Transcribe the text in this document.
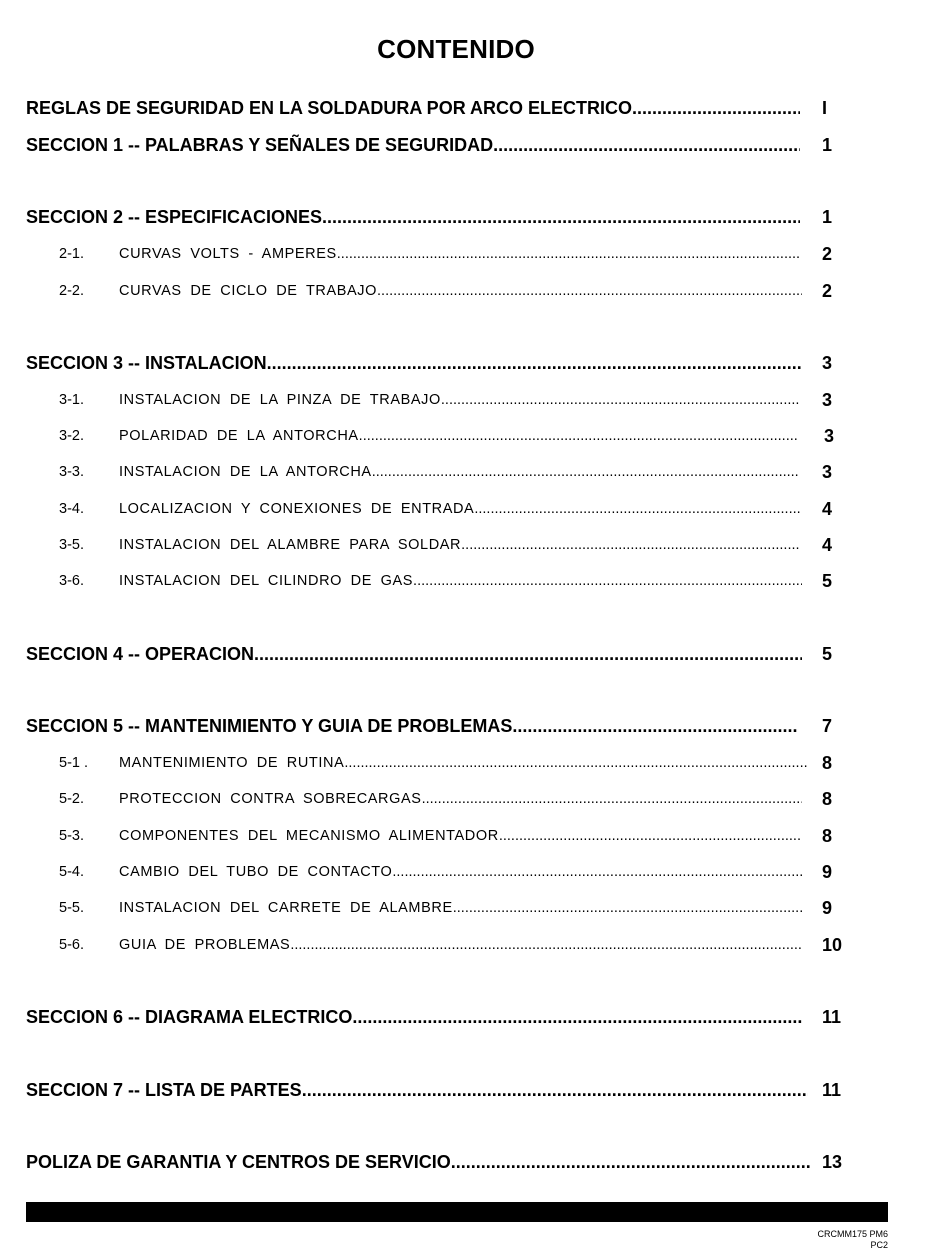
CONTENIDO
REGLAS DE SEGURIDAD EN LA SOLDADURA POR ARCO ELECTRICO .....	I
SECCION 1 -- PALABRAS Y SEÑALES DE SEGURIDAD .....	1
SECCION 2 -- ESPECIFICACIONES .....	1
2-1.	CURVAS VOLTS - AMPERES .....	2
2-2.	CURVAS DE CICLO DE TRABAJO .....	2
SECCION 3 -- INSTALACION .....	3
3-1.	INSTALACION DE LA PINZA DE TRABAJO .....	3
3-2.	POLARIDAD DE LA ANTORCHA .....	3
3-3.	INSTALACION DE LA ANTORCHA .....	3
3-4.	LOCALIZACION Y CONEXIONES DE ENTRADA .....	4
3-5.	INSTALACION DEL ALAMBRE PARA SOLDAR .....	4
3-6.	INSTALACION DEL CILINDRO DE GAS .....	5
SECCION 4 -- OPERACION .....	5
SECCION 5 -- MANTENIMIENTO Y GUIA DE PROBLEMAS .....	7
5-1 .	MANTENIMIENTO DE RUTINA .....	8
5-2.	PROTECCION CONTRA SOBRECARGAS .....	8
5-3.	COMPONENTES DEL MECANISMO ALIMENTADOR .....	8
5-4.	CAMBIO DEL TUBO DE CONTACTO .....	9
5-5.	INSTALACION DEL CARRETE DE ALAMBRE .....	9
5-6.	GUIA DE PROBLEMAS .....	10
SECCION 6 -- DIAGRAMA ELECTRICO .....	11
SECCION 7 -- LISTA DE PARTES .....	11
POLIZA DE GARANTIA Y CENTROS DE SERVICIO .....	13
CRCMM175 PM6
PC2
